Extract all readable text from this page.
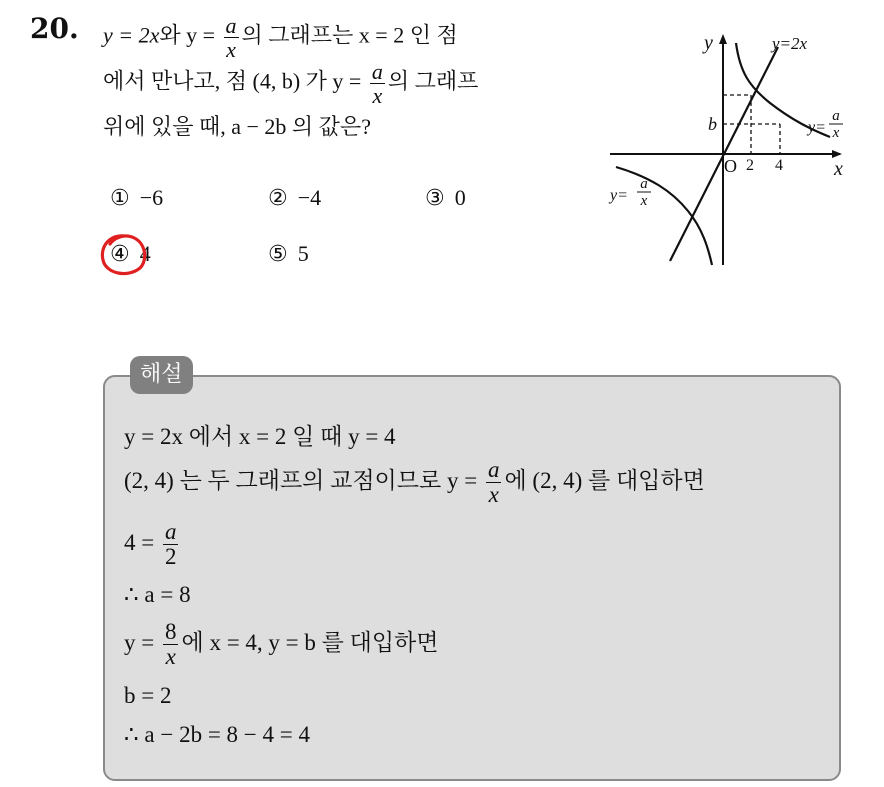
20. y = 2x와 $y = \frac{a}{x}$ 의 그래프는 x = 2 인 점
에서 만나고, 점 (4, b) 가 $y = \frac{a}{x}$ 의 그래프
위에 있을 때, a − 2b 의 값은?
① −6	② −4	③ 0
④ 4	⑤ 5
y
x
y=2x
O 2 4
b	y=
a
x
y=
a
x
해설
y = 2x 에서 x = 2 일 때 y = 4
(2, 4) 는 두 그래프의 교점이므로 $y = \frac{a}{x}$ 에 (2, 4) 를 대입하면
$4 = \frac{a}{2}$
∴ a = 8
$y = \frac{8}{x}$ 에 x = 4, y = b 를 대입하면
b = 2
∴ a − 2b = 8 − 4 = 4
